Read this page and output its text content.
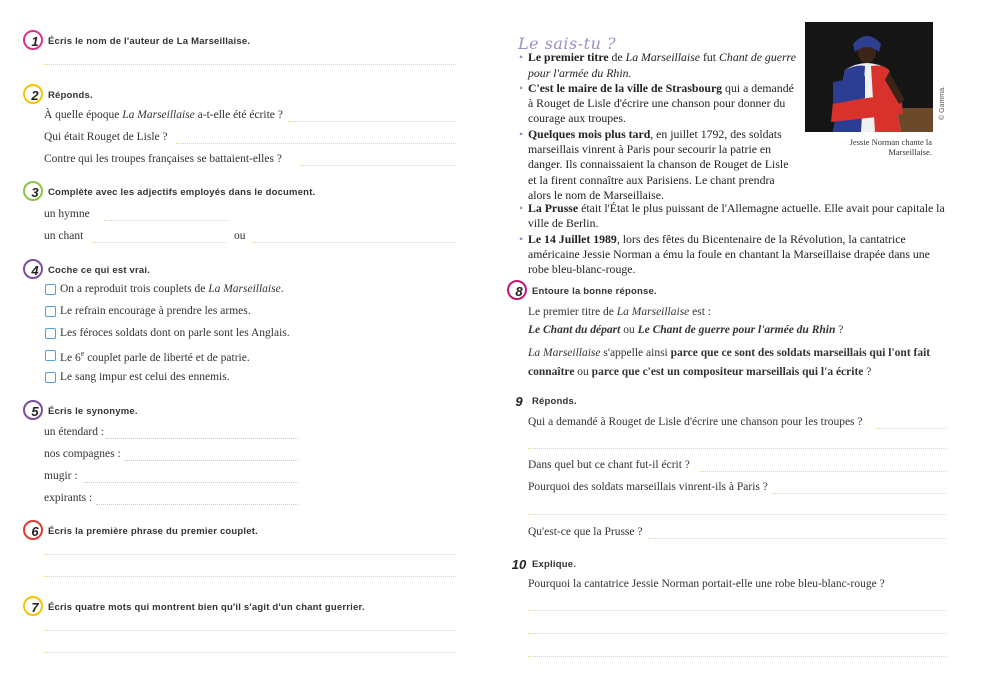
1 Écris le nom de l'auteur de La Marseillaise.
2 Réponds.
À quelle époque La Marseillaise a-t-elle été écrite ?
Qui était Rouget de Lisle ?
Contre qui les troupes françaises se battaient-elles ?
3 Complète avec les adjectifs employés dans le document.
un hymne
un chant	ou
4 Coche ce qui est vrai.
On a reproduit trois couplets de La Marseillaise.
Le refrain encourage à prendre les armes.
Les féroces soldats dont on parle sont les Anglais.
Le 6e couplet parle de liberté et de patrie.
Le sang impur est celui des ennemis.
5 Écris le synonyme.
un étendard :
nos compagnes :
mugir :
expirants :
6 Écris la première phrase du premier couplet.
7 Écris quatre mots qui montrent bien qu'il s'agit d'un chant guerrier.
© Gamma.
Jessie Norman chante la Marseillaise.
Le sais-tu ?
• Le premier titre de La Marseillaise fut Chant de guerre pour l'armée du Rhin.
• C'est le maire de la ville de Strasbourg qui a demandé à Rouget de Lisle d'écrire une chanson pour donner du courage aux troupes.
• Quelques mois plus tard, en juillet 1792, des soldats marseillais vinrent à Paris pour secourir la patrie en danger. Ils connaissaient la chanson de Rouget de Lisle et la firent connaître aux Parisiens. Le chant prendra alors le nom de Marseillaise.
• La Prusse était l'État le plus puissant de l'Allemagne actuelle. Elle avait pour capitale la ville de Berlin.
• Le 14 Juillet 1989, lors des fêtes du Bicentenaire de la Révolution, la cantatrice américaine Jessie Norman a ému la foule en chantant la Marseillaise drapée dans une robe bleu-blanc-rouge.
8 Entoure la bonne réponse.
Le premier titre de La Marseillaise est :
Le Chant du départ ou Le Chant de guerre pour l'armée du Rhin ?
La Marseillaise s'appelle ainsi parce que ce sont des soldats marseillais qui l'ont fait connaître ou parce que c'est un compositeur marseillais qui l'a écrite ?
9 Réponds.
Qui a demandé à Rouget de Lisle d'écrire une chanson pour les troupes ?
Dans quel but ce chant fut-il écrit ?
Pourquoi des soldats marseillais vinrent-ils à Paris ?
Qu'est-ce que la Prusse ?
10 Explique.
Pourquoi la cantatrice Jessie Norman portait-elle une robe bleu-blanc-rouge ?
